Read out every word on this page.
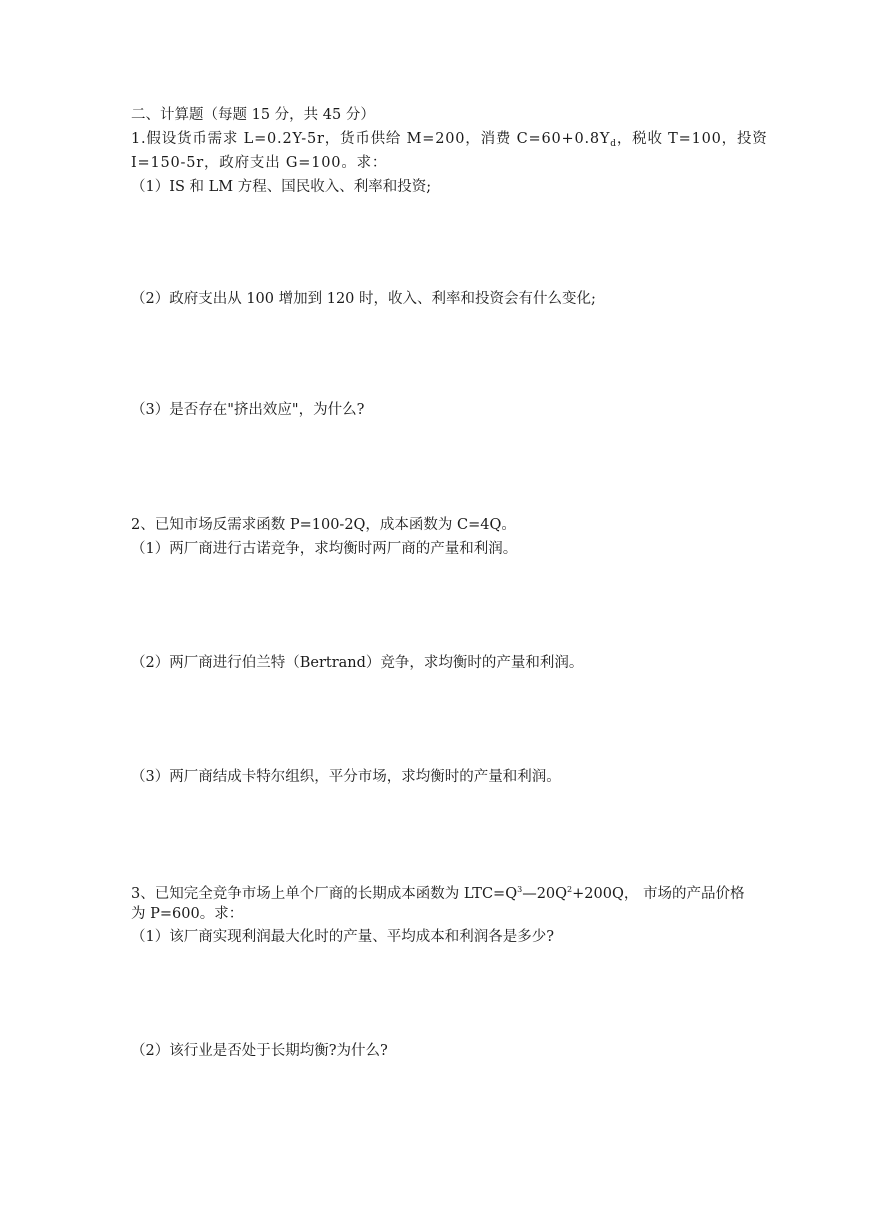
二、计算题（每题 15 分，共 45 分）
1.假设货币需求 L=0.2Y-5r，货币供给 M=200，消费 $C=60+0.8Y_d$，税收 T=100，投资
I=150-5r，政府支出 G=100。求：
（1）IS 和 LM 方程、国民收入、利率和投资;
（2）政府支出从 100 增加到 120 时，收入、利率和投资会有什么变化;
（3）是否存在"挤出效应"，为什么?
2、已知市场反需求函数 P=100-2Q，成本函数为 C=4Q。
（1）两厂商进行古诺竞争，求均衡时两厂商的产量和利润。
（2）两厂商进行伯兰特（Bertrand）竞争，求均衡时的产量和利润。
（3）两厂商结成卡特尔组织，平分市场，求均衡时的产量和利润。
3、已知完全竞争市场上单个厂商的长期成本函数为 $LTC=Q^3—20Q^2+200Q$， 市场的产品价格
为 P=600。求：
（1）该厂商实现利润最大化时的产量、平均成本和利润各是多少?
（2）该行业是否处于长期均衡?为什么?
